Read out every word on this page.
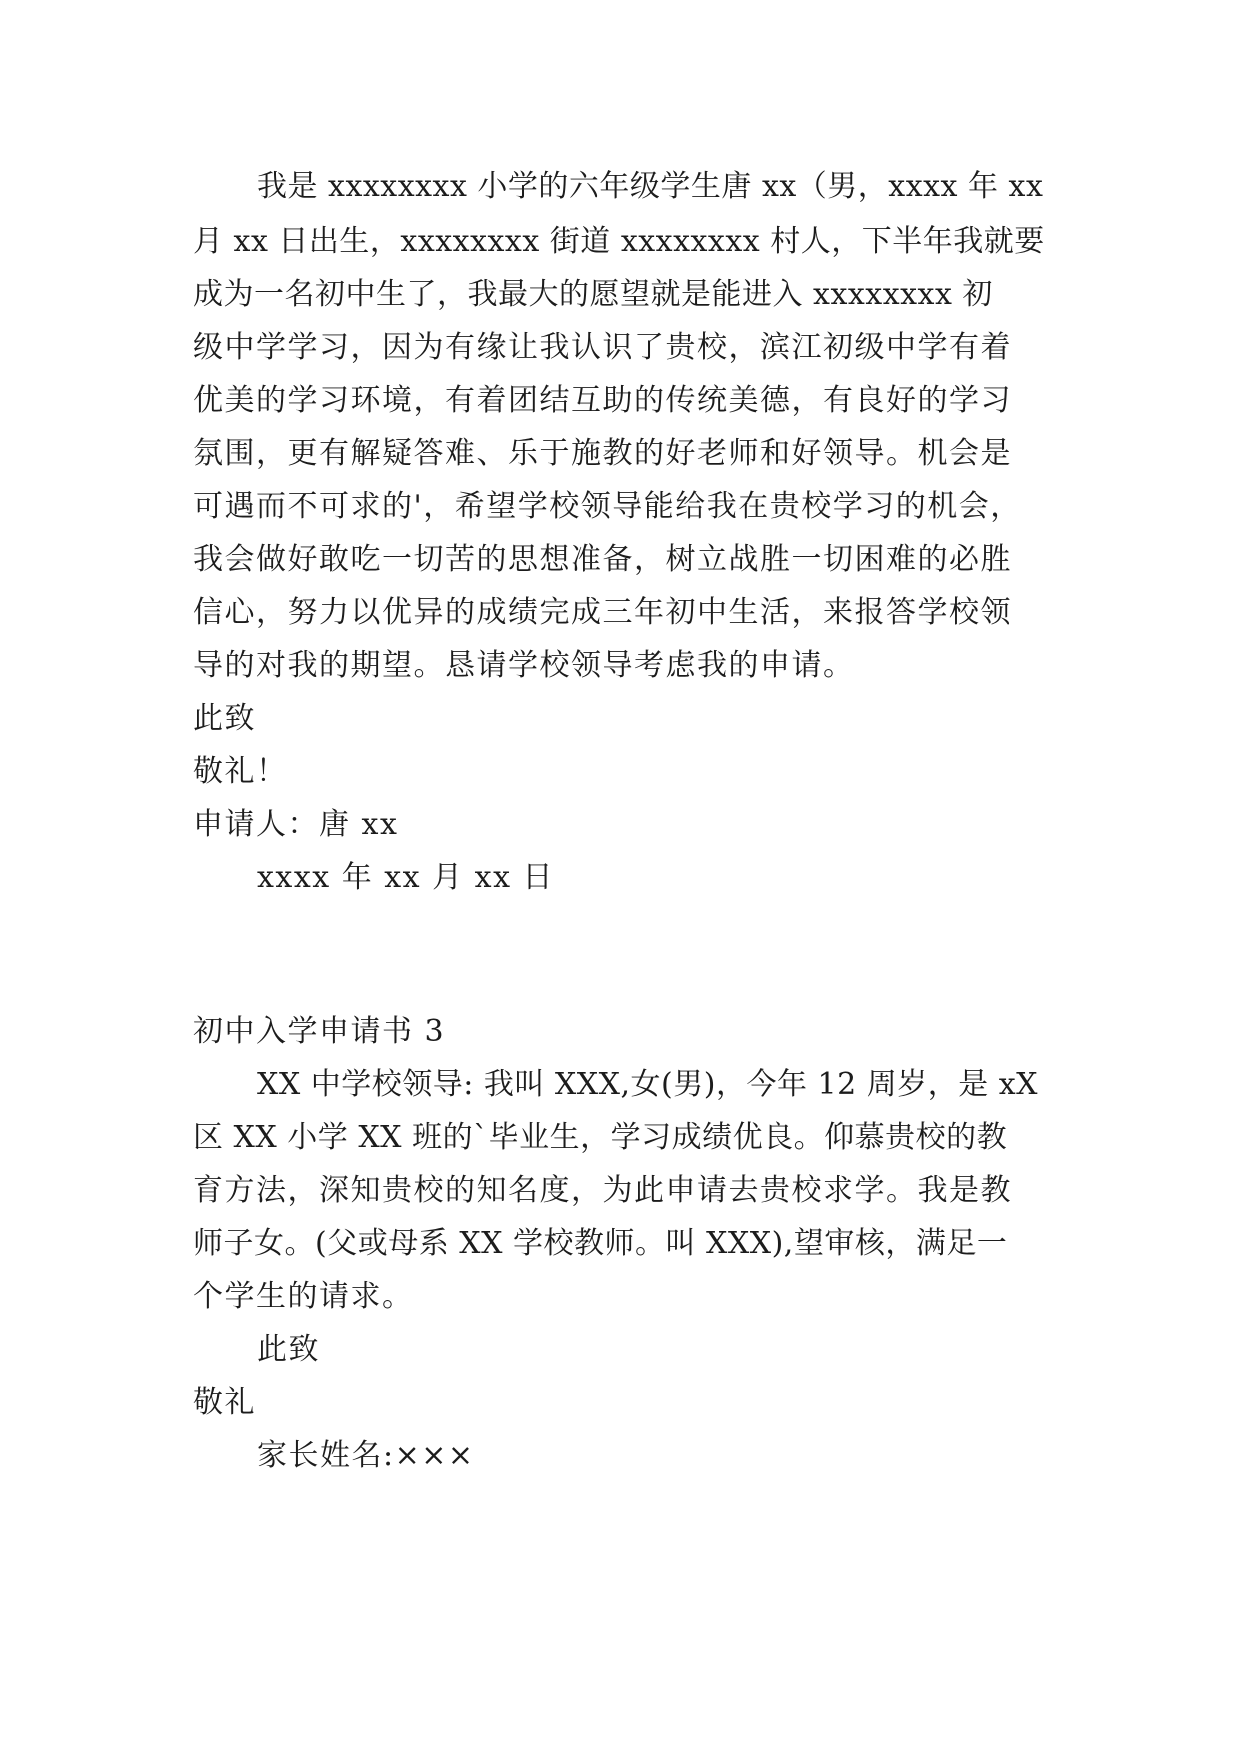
我是 xxxxxxxx 小学的六年级学生唐 xx（男，xxxx 年 xx
月 xx 日出生，xxxxxxxx 街道 xxxxxxxx 村人，下半年我就要
成为一名初中生了，我最大的愿望就是能进入 xxxxxxxx 初
级中学学习，因为有缘让我认识了贵校，滨江初级中学有着
优美的学习环境，有着团结互助的传统美德，有良好的学习
氛围，更有解疑答难、乐于施教的好老师和好领导。机会是
可遇而不可求的'，希望学校领导能给我在贵校学习的机会，
我会做好敢吃一切苦的思想准备，树立战胜一切困难的必胜
信心，努力以优异的成绩完成三年初中生活，来报答学校领
导的对我的期望。恳请学校领导考虑我的申请。
此致
敬礼！
申请人：唐 xx
xxxx 年 xx 月 xx 日
初中入学申请书 3
XX 中学校领导: 我叫 XXX,女(男)，今年 12 周岁，是 xX
区 XX 小学 XX 班的`毕业生，学习成绩优良。仰慕贵校的教
育方法，深知贵校的知名度，为此申请去贵校求学。我是教
师子女。(父或母系 XX 学校教师。叫 XXX),望审核，满足一
个学生的请求。
此致
敬礼
家长姓名:×××
